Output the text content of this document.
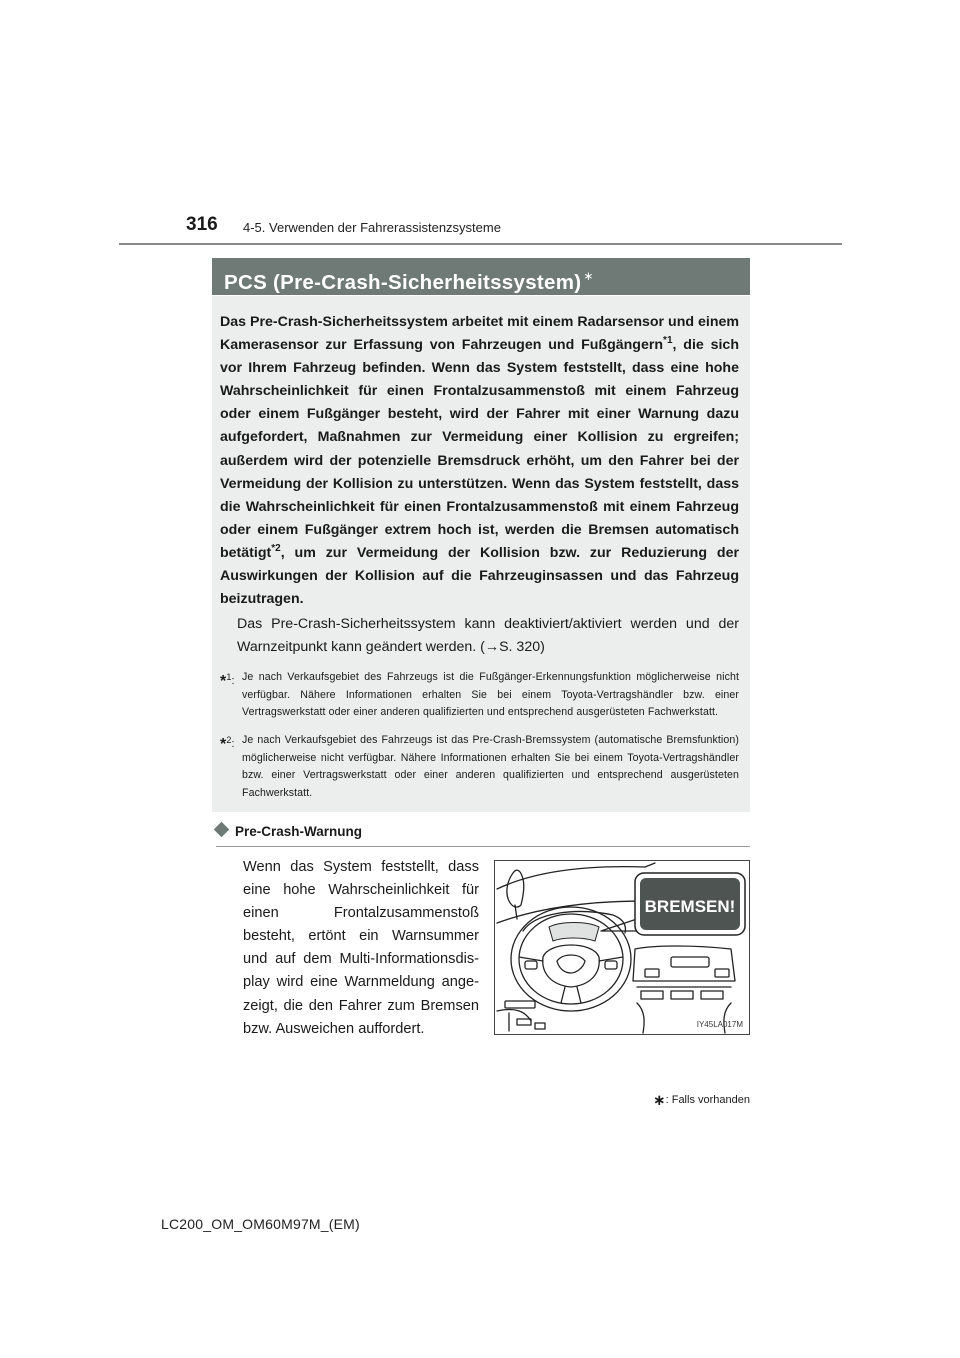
316 4-5. Verwenden der Fahrerassistenzsysteme
PCS (Pre-Crash-Sicherheitssystem) ∗

Das Pre-Crash-Sicherheitssystem arbeitet mit einem Radarsensor und einem Kamerasensor zur Erfassung von Fahrzeugen und Fußgängern$^{*1}$, die sich vor Ihrem Fahrzeug befinden. Wenn das System feststellt, dass eine hohe Wahrscheinlichkeit für einen Frontalzusammenstoß mit einem Fahrzeug oder einem Fußgänger besteht, wird der Fahrer mit einer Warnung dazu aufgefordert, Maßnahmen zur Vermeidung einer Kollision zu ergreifen; außerdem wird der potenzielle Bremsdruck erhöht, um den Fahrer bei der Vermeidung der Kollision zu unterstützen. Wenn das System feststellt, dass die Wahrscheinlichkeit für einen Frontalzusammenstoß mit einem Fahrzeug oder einem Fußgänger extrem hoch ist, werden die Bremsen automatisch betätigt$^{*2}$, um zur Vermeidung der Kollision bzw. zur Reduzierung der Auswirkungen der Kollision auf die Fahrzeuginsassen und das Fahrzeug beizutragen.

Das Pre-Crash-Sicherheitssystem kann deaktiviert/aktiviert werden und der Warnzeitpunkt kann geändert werden. (→S. 320)

*$^1$: Je nach Verkaufsgebiet des Fahrzeugs ist die Fußgänger-Erkennungsfunktion möglicherweise nicht verfügbar. Nähere Informationen erhalten Sie bei einem Toyota-Vertragshändler bzw. einer Vertragswerkstatt oder einer anderen qualifizierten und entsprechend ausgerüsteten Fachwerkstatt.
*$^2$: Je nach Verkaufsgebiet des Fahrzeugs ist das Pre-Crash-Bremssystem (automatische Bremsfunktion) möglicherweise nicht verfügbar. Nähere Informationen erhalten Sie bei einem Toyota-Vertragshändler bzw. einer Vertragswerkstatt oder einer anderen qualifizierten und entsprechend ausgerüsteten Fachwerkstatt.
Pre-Crash-Warnung

Wenn das System feststellt, dass eine hohe Wahrscheinlichkeit für einen Frontalzusammenstoß besteht, ertönt ein Warnsummer und auf dem Multi-Informationsdisplay wird eine Warnmeldung angezeigt, die den Fahrer zum Bremsen bzw. Ausweichen auffordert.

BREMSEN!
IY45LA017M
∗: Falls vorhanden
LC200_OM_OM60M97M_(EM)
